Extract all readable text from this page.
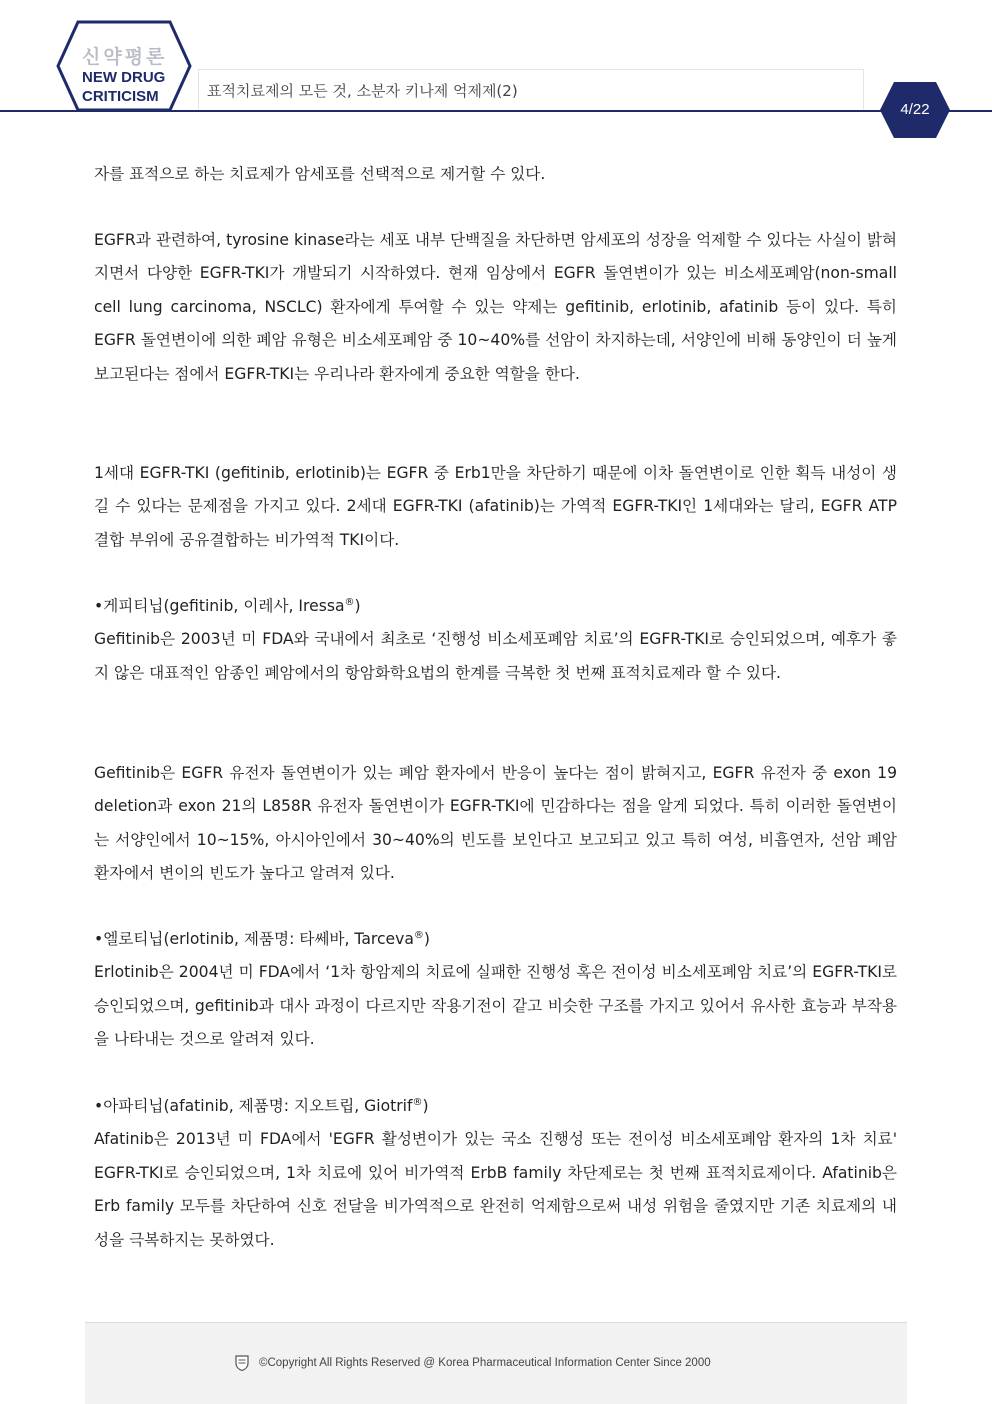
신약평론
NEW DRUG
CRITICISM	표적치료제의 모든 것, 소분자 키나제 억제제(2)
4/22

자를 표적으로 하는 치료제가 암세포를 선택적으로 제거할 수 있다.

EGFR과 관련하여, tyrosine kinase라는 세포 내부 단백질을 차단하면 암세포의 성장을 억제할 수 있다는 사실이 밝혀지면서 다양한 EGFR-TKI가 개발되기 시작하였다. 현재 임상에서 EGFR 돌연변이가 있는 비소세포폐암(non-small cell lung carcinoma, NSCLC) 환자에게 투여할 수 있는 약제는 gefitinib, erlotinib, afatinib 등이 있다. 특히 EGFR 돌연변이에 의한 폐암 유형은 비소세포폐암 중 10~40%를 선암이 차지하는데, 서양인에 비해 동양인이 더 높게 보고된다는 점에서 EGFR-TKI는 우리나라 환자에게 중요한 역할을 한다.

1세대 EGFR-TKI (gefitinib, erlotinib)는 EGFR 중 Erb1만을 차단하기 때문에 이차 돌연변이로 인한 획득 내성이 생길 수 있다는 문제점을 가지고 있다. 2세대 EGFR-TKI (afatinib)는 가역적 EGFR-TKI인 1세대와는 달리, EGFR ATP 결합 부위에 공유결합하는 비가역적 TKI이다.

•게피티닙(gefitinib, 이레사, Iressa®)

Gefitinib은 2003년 미 FDA와 국내에서 최초로 ‘진행성 비소세포폐암 치료’의 EGFR-TKI로 승인되었으며, 예후가 좋지 않은 대표적인 암종인 폐암에서의 항암화학요법의 한계를 극복한 첫 번째 표적치료제라 할 수 있다.

Gefitinib은 EGFR 유전자 돌연변이가 있는 폐암 환자에서 반응이 높다는 점이 밝혀지고, EGFR 유전자 중 exon 19 deletion과 exon 21의 L858R 유전자 돌연변이가 EGFR-TKI에 민감하다는 점을 알게 되었다. 특히 이러한 돌연변이는 서양인에서 10~15%, 아시아인에서 30~40%의 빈도를 보인다고 보고되고 있고 특히 여성, 비흡연자, 선암 폐암 환자에서 변이의 빈도가 높다고 알려져 있다.

•엘로티닙(erlotinib, 제품명: 타쎄바, Tarceva®)

Erlotinib은 2004년 미 FDA에서 ‘1차 항암제의 치료에 실패한 진행성 혹은 전이성 비소세포폐암 치료’의 EGFR-TKI로 승인되었으며, gefitinib과 대사 과정이 다르지만 작용기전이 같고 비슷한 구조를 가지고 있어서 유사한 효능과 부작용을 나타내는 것으로 알려져 있다.

•아파티닙(afatinib, 제품명: 지오트립, Giotrif®)

Afatinib은 2013년 미 FDA에서 'EGFR 활성변이가 있는 국소 진행성 또는 전이성 비소세포폐암 환자의 1차 치료' EGFR-TKI로 승인되었으며, 1차 치료에 있어 비가역적 ErbB family 차단제로는 첫 번째 표적치료제이다. Afatinib은 Erb family 모두를 차단하여 신호 전달을 비가역적으로 완전히 억제함으로써 내성 위험을 줄였지만 기존 치료제의 내성을 극복하지는 못하였다.

©Copyright All Rights Reserved @ Korea Pharmaceutical Information Center Since 2000
